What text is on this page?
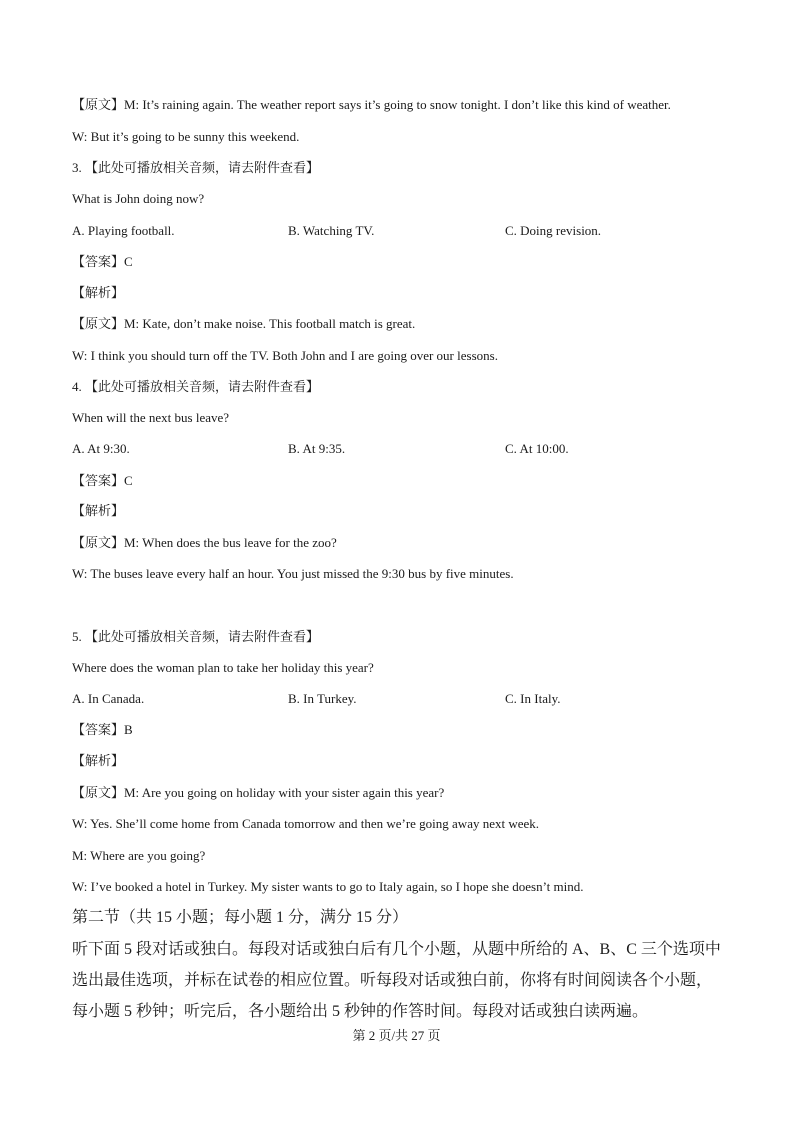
【原文】M: It’s raining again. The weather report says it’s going to snow tonight. I don’t like this kind of weather.
W: But it’s going to be sunny this weekend.
3. 【此处可播放相关音频，请去附件查看】
What is John doing now?
A. Playing football.	B. Watching TV.	C. Doing revision.
【答案】C
【解析】
【原文】M: Kate, don’t make noise. This football match is great.
W: I think you should turn off the TV. Both John and I are going over our lessons.
4. 【此处可播放相关音频，请去附件查看】
When will the next bus leave?
A. At 9:30.	B. At 9:35.	C. At 10:00.
【答案】C
【解析】
【原文】M: When does the bus leave for the zoo?
W: The buses leave every half an hour. You just missed the 9:30 bus by five minutes.
5. 【此处可播放相关音频，请去附件查看】
Where does the woman plan to take her holiday this year?
A. In Canada.	B. In Turkey.	C. In Italy.
【答案】B
【解析】
【原文】M: Are you going on holiday with your sister again this year?
W: Yes. She’ll come home from Canada tomorrow and then we’re going away next week.
M: Where are you going?
W: I’ve booked a hotel in Turkey. My sister wants to go to Italy again, so I hope she doesn’t mind.
第二节（共 15 小题；每小题 1 分，满分 15 分）
听下面 5 段对话或独白。每段对话或独白后有几个小题，从题中所给的 A、B、C 三个选项中
选出最佳选项，并标在试卷的相应位置。听每段对话或独白前，你将有时间阅读各个小题，
每小题 5 秒钟；听完后，各小题给出 5 秒钟的作答时间。每段对话或独白读两遍。
第 2 页/共 27 页
